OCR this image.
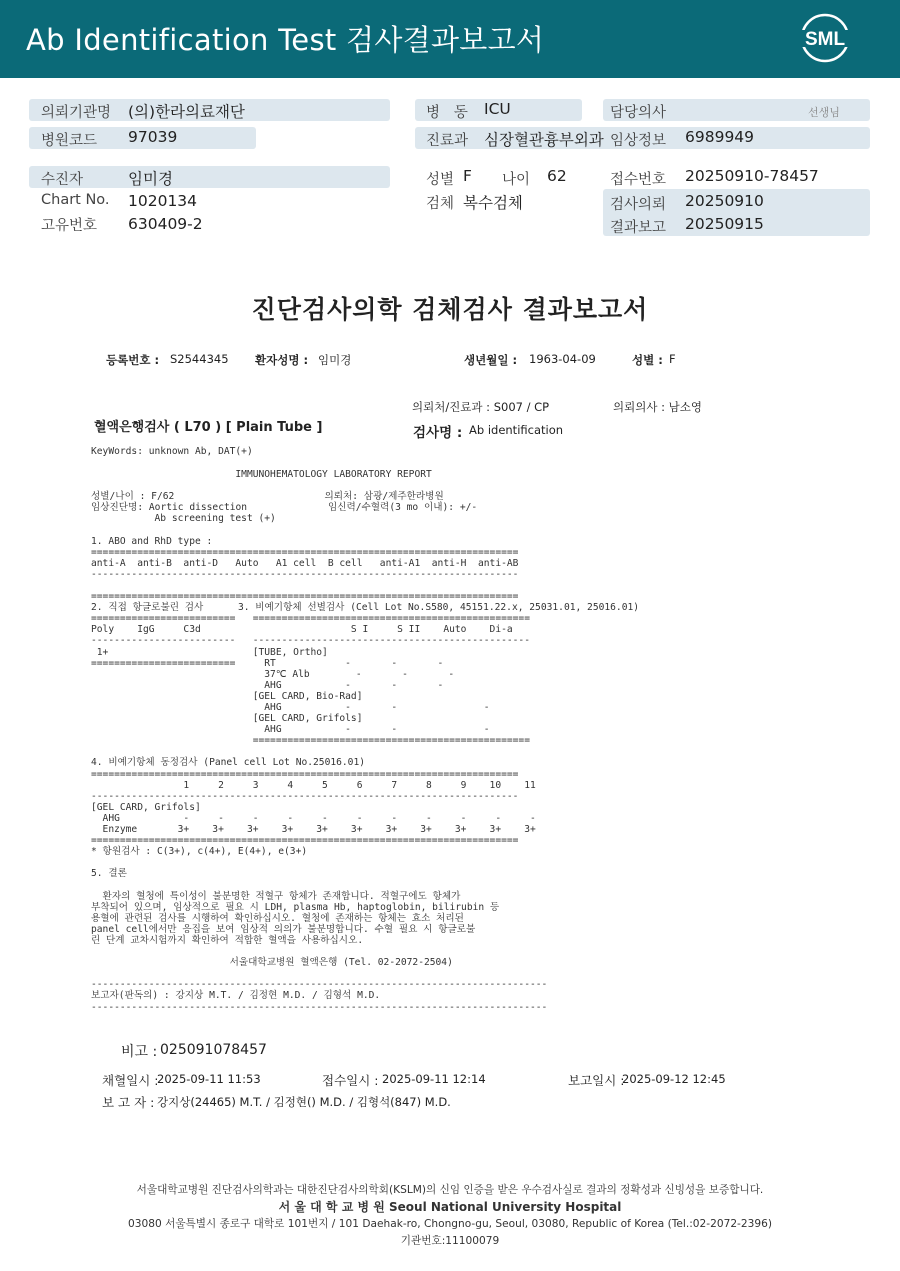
Ab Identification Test 검사결과보고서	SML
의뢰기관명 (의)한라의료재단
병원코드 97039
병   동 ICU
진료과 심장혈관흉부외과
담당의사	선생님
임상정보 6989949
수진자	임미경
Chart No. 1020134
고유번호 630409-2
성별 F 나이 62
검체 복수검체
접수번호 20250910-78457
검사의뢰 20250910
결과보고 20250915
진단검사의학 검체검사 결과보고서
등록번호 : S2544345 환자성명 : 임미경	생년월일 : 1963-04-09	성별 : F
의뢰처/진료과 : S007 / CP	의뢰의사 : 남소영
혈액은행검사 ( L70 ) [ Plain Tube ]	검사명 : Ab identification
KeyWords: unknown Ab, DAT(+)
IMMUNOHEMATOLOGY LABORATORY REPORT

성별/나이 : F/62                          의뢰처: 삼광/제주한라병원
임상진단명: Aortic dissection              임신력/수혈력(3 mo 이내): +/-
Ab screening test (+)

1. ABO and RhD type :
==========================================================================
anti-A  anti-B  anti-D   Auto   A1 cell  B cell   anti-A1  anti-H  anti-AB
--------------------------------------------------------------------------

==========================================================================
2. 직접 항글로불린 검사      3. 비예기항체 선별검사 (Cell Lot No.S580, 45151.22.x, 25031.01, 25016.01)
=========================   ================================================
Poly    IgG     C3d                          S I     S II    Auto    Di-a
-------------------------   ------------------------------------------------
1+                         [TUBE, Ortho]
=========================     RT            -       -       -
37℃ Alb        -       -       -
AHG           -       -       -
[GEL CARD, Bio-Rad]
AHG           -       -               -
[GEL CARD, Grifols]
AHG           -       -               -
================================================

4. 비예기항체 동정검사 (Panel cell Lot No.25016.01)
==========================================================================
1     2     3     4     5     6     7     8     9    10    11
--------------------------------------------------------------------------
[GEL CARD, Grifols]
AHG           -     -     -     -     -     -     -     -     -     -     -
Enzyme       3+    3+    3+    3+    3+    3+    3+    3+    3+    3+    3+
==========================================================================
* 항원검사 : C(3+), c(4+), E(4+), e(3+)

5. 결론

환자의 혈청에 특이성이 불분명한 적혈구 항체가 존재합니다. 적혈구에도 항체가
부착되어 있으며, 임상적으로 필요 시 LDH, plasma Hb, haptoglobin, bilirubin 등
용혈에 관련된 검사를 시행하여 확인하십시오. 혈청에 존재하는 항체는 효소 처리된
panel cell에서만 응집을 보여 임상적 의의가 불분명합니다. 수혈 필요 시 항글로불
린 단계 교차시험까지 확인하여 적합한 혈액을 사용하십시오.

서울대학교병원 혈액은행 (Tel. 02-2072-2504)

-------------------------------------------------------------------------------
보고자(판독의) : 강지상 M.T. / 김정현 M.D. / 김형석 M.D.
-------------------------------------------------------------------------------
비고 : 025091078457
채혈일시 :
2025-09-11 11:53	접수일시 : 2025-09-11 12:14	보고일시 :
2025-09-12 12:45
보 고 자 : 강지상(24465) M.T. / 김정현() M.D. / 김형석(847) M.D.
서울대학교병원 진단검사의학과는 대한진단검사의학회(KSLM)의 신임 인증을 받은 우수검사실로 결과의 정확성과 신빙성을 보증합니다.
서 울 대 학 교 병 원 Seoul National University Hospital
03080 서울특별시 종로구 대학로 101번지 / 101 Daehak-ro, Chongno-gu, Seoul, 03080, Republic of Korea (Tel.:02-2072-2396)
기관번호:11100079
